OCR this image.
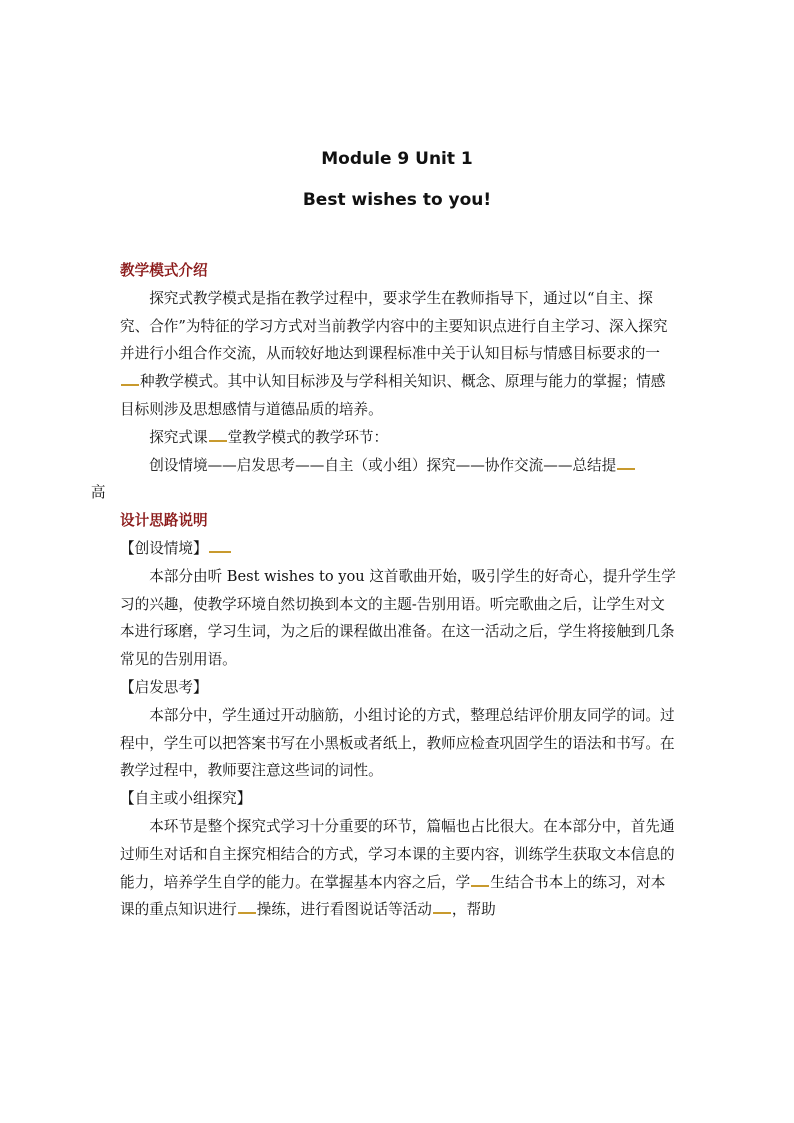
Module 9 Unit 1
Best wishes to you!

教学模式介绍

探究式教学模式是指在教学过程中，要求学生在教师指导下，通过以“自主、探究、合作”为特征的学习方式对当前教学内容中的主要知识点进行自主学习、深入探究并进行小组合作交流，从而较好地达到课程标准中关于认知目标与情感目标要求的一种教学模式。其中认知目标涉及与学科相关知识、概念、原理与能力的掌握；情感目标则涉及思想感情与道德品质的培养。

探究式课 堂教学模式的教学环节：

创设情境——启发思考——自主（或小组）探究——协作交流——总结提
高

设计思路说明

【创设情境】

本部分由听 Best wishes to you 这首歌曲开始，吸引学生的好奇心，提升学生学习的兴趣，使教学环境自然切换到本文的主题-告别用语。听完歌曲之后，让学生对文本进行琢磨，学习生词，为之后的课程做出准备。在这一活动之后，学生将接触到几条常见的告别用语。

【启发思考】

本部分中，学生通过开动脑筋，小组讨论的方式，整理总结评价朋友同学的词。过程中，学生可以把答案书写在小黑板或者纸上，教师应检查巩固学生的语法和书写。在教学过程中，教师要注意这些词的词性。

【自主或小组探究】

本环节是整个探究式学习十分重要的环节，篇幅也占比很大。在本部分中，首先通过师生对话和自主探究相结合的方式，学习本课的主要内容，训练学生获取文本信息的能力，培养学生自学的能力。在掌握基本内容之后，学 生结合书本上的练习，对本课的重点知识进行 操练，进行看图说话等活动 ，帮助
